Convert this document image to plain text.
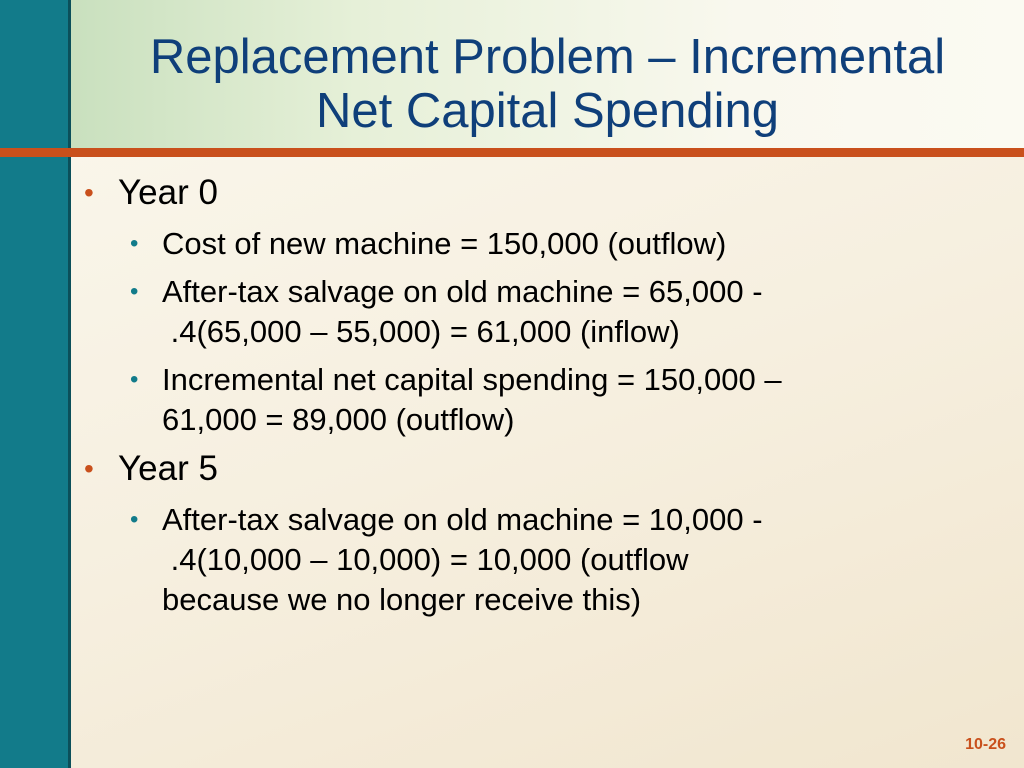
Replacement Problem – Incremental
Net Capital Spending
• Year 0
• Cost of new machine = 150,000 (outflow)
• After-tax salvage on old machine = 65,000 -
.4(65,000 – 55,000) = 61,000 (inflow)
• Incremental net capital spending = 150,000 –
61,000 = 89,000 (outflow)
• Year 5
• After-tax salvage on old machine = 10,000 -
.4(10,000 – 10,000) = 10,000 (outflow
because we no longer receive this)
10-26
